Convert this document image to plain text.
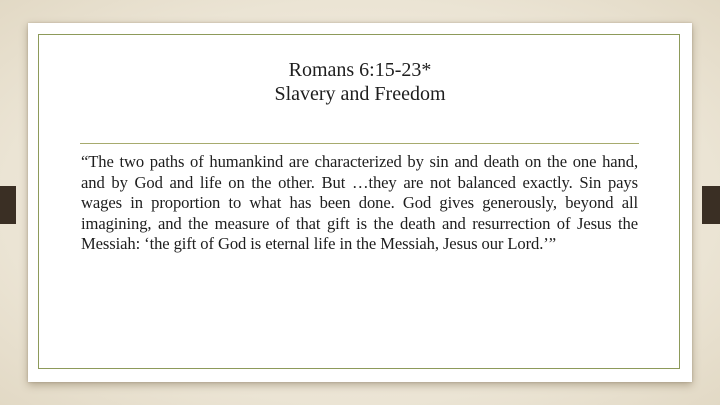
Romans 6:15-23*
Slavery and Freedom

“The two paths of humankind are characterized by sin and death on the one hand, and by God and life on the other. But …they are not balanced exactly. Sin pays wages in proportion to what has been done. God gives generously, beyond all imagining, and the measure of that gift is the death and resurrection of Jesus the Messiah: ‘the gift of God is eternal life in the Messiah, Jesus our Lord.’”
